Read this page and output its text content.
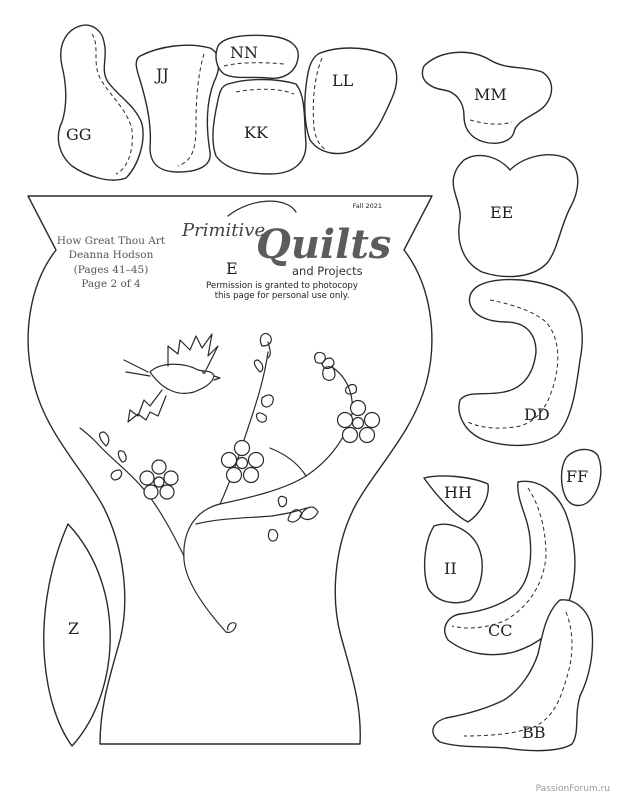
GG
JJ
NN
KK
LL
MM
EE
DD
FF
HH
II
CC
BB
Z
E
How Great Thou Art
Deanna Hodson
(Pages 41–45)
Page 2 of 4
Fall 2021
Primitive
Quilts
and Projects
Permission is granted to photocopy
this page for personal use only.
PassionForum.ru
